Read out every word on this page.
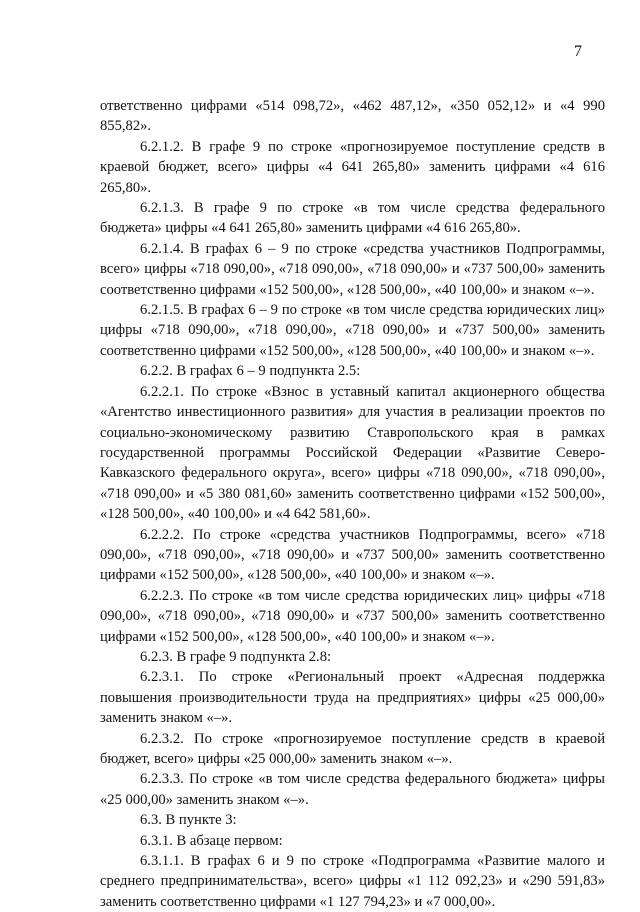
7

ответственно цифрами «514 098,72», «462 487,12», «350 052,12» и «4 990 855,82».

6.2.1.2. В графе 9 по строке «прогнозируемое поступление средств в краевой бюджет, всего» цифры «4 641 265,80» заменить цифрами «4 616 265,80».

6.2.1.3. В графе 9 по строке «в том числе средства федерального бюджета» цифры «4 641 265,80» заменить цифрами «4 616 265,80».

6.2.1.4. В графах 6 – 9 по строке «средства участников Подпрограммы, всего» цифры «718 090,00», «718 090,00», «718 090,00» и «737 500,00» заменить соответственно цифрами «152 500,00», «128 500,00», «40 100,00» и знаком «–».

6.2.1.5. В графах 6 – 9 по строке «в том числе средства юридических лиц» цифры «718 090,00», «718 090,00», «718 090,00» и «737 500,00» заменить соответственно цифрами «152 500,00», «128 500,00», «40 100,00» и знаком «–».

6.2.2. В графах 6 – 9 подпункта 2.5:

6.2.2.1. По строке «Взнос в уставный капитал акционерного общества «Агентство инвестиционного развития» для участия в реализации проектов по социально-экономическому развитию Ставропольского края в рамках государственной программы Российской Федерации «Развитие Северо-Кавказского федерального округа», всего» цифры «718 090,00», «718 090,00», «718 090,00» и «5 380 081,60» заменить соответственно цифрами «152 500,00», «128 500,00», «40 100,00» и «4 642 581,60».

6.2.2.2. По строке «средства участников Подпрограммы, всего» «718 090,00», «718 090,00», «718 090,00» и «737 500,00» заменить соответственно цифрами «152 500,00», «128 500,00», «40 100,00» и знаком «–».

6.2.2.3. По строке «в том числе средства юридических лиц» цифры «718 090,00», «718 090,00», «718 090,00» и «737 500,00» заменить соответственно цифрами «152 500,00», «128 500,00», «40 100,00» и знаком «–».

6.2.3. В графе 9 подпункта 2.8:

6.2.3.1. По строке «Региональный проект «Адресная поддержка повышения производительности труда на предприятиях» цифры «25 000,00» заменить знаком «–».

6.2.3.2. По строке «прогнозируемое поступление средств в краевой бюджет, всего» цифры «25 000,00» заменить знаком «–».

6.2.3.3. По строке «в том числе средства федерального бюджета» цифры «25 000,00» заменить знаком «–».

6.3. В пункте 3:

6.3.1. В абзаце первом:

6.3.1.1. В графах 6 и 9 по строке «Подпрограмма «Развитие малого и среднего предпринимательства», всего» цифры «1 112 092,23» и «290 591,83» заменить соответственно цифрами «1 127 794,23» и «7 000,00».
